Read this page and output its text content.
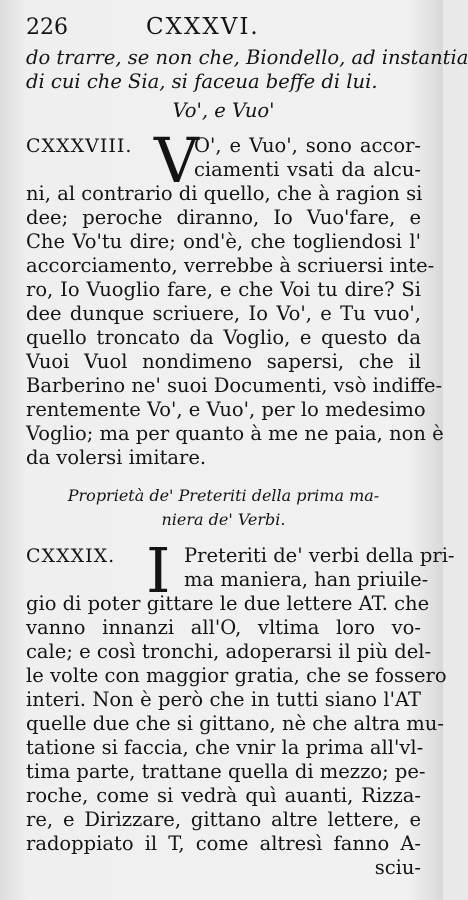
226	CXXXVI.
do trarre, se non che, Biondello, ad instantia
di cui che Sia, si faceua beffe di lui.
Vo', e Vuo'
CXXXVIII. V
O', e Vuo', sono accor-
ciamenti vsati da alcu-
ni, al contrario di quello, che à ragion si
dee; peroche diranno, Io Vuo'fare, e
Che Vo'tu dire; ond'è, che togliendosi l'
accorciamento, verrebbe à scriuersi inte-
ro, Io Vuoglio fare, e che Voi tu dire? Si
dee dunque scriuere, Io Vo', e Tu vuo',
quello troncato da Voglio, e questo da
Vuoi Vuol nondimeno sapersi, che il
Barberino ne' suoi Documenti, vsò indiffe-
rentemente Vo', e Vuo', per lo medesimo
Voglio; ma per quanto à me ne paia, non è
da volersi imitare.
Proprietà de' Preteriti della prima ma-
niera de' Verbi.
CXXXIX. I Preteriti de' verbi della pri-
ma maniera, han priuile-
gio di poter gittare le due lettere AT. che
vanno innanzi all'O, vltima loro vo-
cale; e così tronchi, adoperarsi il più del-
le volte con maggior gratia, che se fossero
interi. Non è però che in tutti siano l'AT
quelle due che si gittano, nè che altra mu-
tatione si faccia, che vnir la prima all'vl-
tima parte, trattane quella di mezzo; pe-
roche, come si vedrà quì auanti, Rizza-
re, e Dirizzare, gittano altre lettere, e
radoppiato il T, come altresì fanno A-
sciu-
